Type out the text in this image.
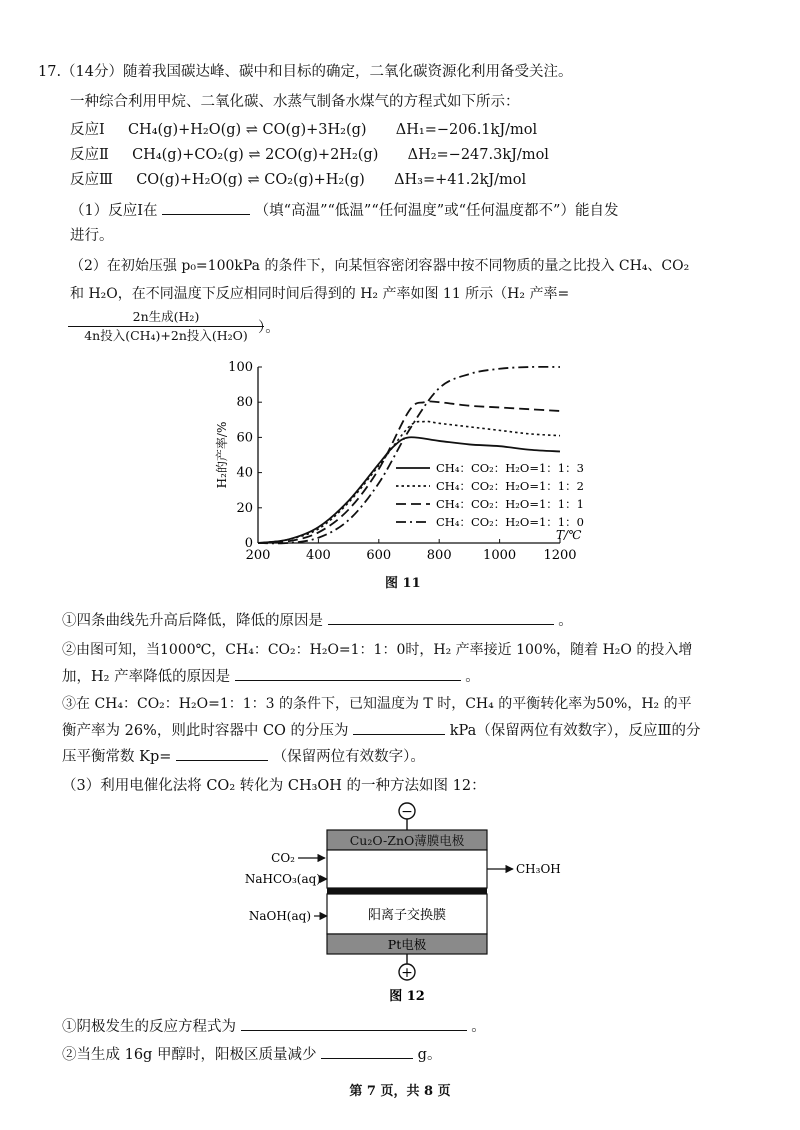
17.（14分）随着我国碳达峰、碳中和目标的确定，二氧化碳资源化利用备受关注。
一种综合利用甲烷、二氧化碳、水蒸气制备水煤气的方程式如下所示：
反应Ⅰ CH₄(g)+H₂O(g) ⇌ CO(g)+3H₂(g) ΔH₁=−206.1kJ/mol
反应Ⅱ CH₄(g)+CO₂(g) ⇌ 2CO(g)+2H₂(g) ΔH₂=−247.3kJ/mol
反应Ⅲ CO(g)+H₂O(g) ⇌ CO₂(g)+H₂(g) ΔH₃=+41.2kJ/mol
（1）反应Ⅰ在	（填“高温”“低温”“任何温度”或“任何温度都不”）能自发
进行。
（2）在初始压强 p₀=100kPa 的条件下，向某恒容密闭容器中按不同物质的量之比投入 CH₄、CO₂
和 H₂O，在不同温度下反应相同时间后得到的 H₂ 产率如图 11 所示（H₂ 产率=
2n生成(H₂)
4n投入(CH₄)+2n投入(H₂O) ）。
200	400	600	800 1000 1200
0
20
40
60
80
100
T/℃
H₂的产率/%	CH₄：CO₂：H₂O=1：1：3
CH₄：CO₂：H₂O=1：1：2
CH₄：CO₂：H₂O=1：1：1
CH₄：CO₂：H₂O=1：1：0
图 11
①四条曲线先升高后降低，降低的原因是	。
②由图可知，当1000℃，CH₄：CO₂：H₂O=1：1：0时，H₂ 产率接近 100%，随着 H₂O 的投入增
加，H₂ 产率降低的原因是	。
③在 CH₄：CO₂：H₂O=1：1：3 的条件下，已知温度为 T 时，CH₄ 的平衡转化率为50%，H₂ 的平
衡产率为 26%，则此时容器中 CO 的分压为	kPa（保留两位有效数字），反应Ⅲ的分
压平衡常数 Kp=	（保留两位有效数字）。
（3）利用电催化法将 CO₂ 转化为 CH₃OH 的一种方法如图 12：
−
Cu₂O-ZnO薄膜电极
阳离子交换膜
Pt电极
+
CO₂
NaHCO₃(aq)
NaOH(aq)
CH₃OH
图 12
①阴极发生的反应方程式为	。
②当生成 16g 甲醇时，阳极区质量减少	g。
第 7 页，共 8 页
